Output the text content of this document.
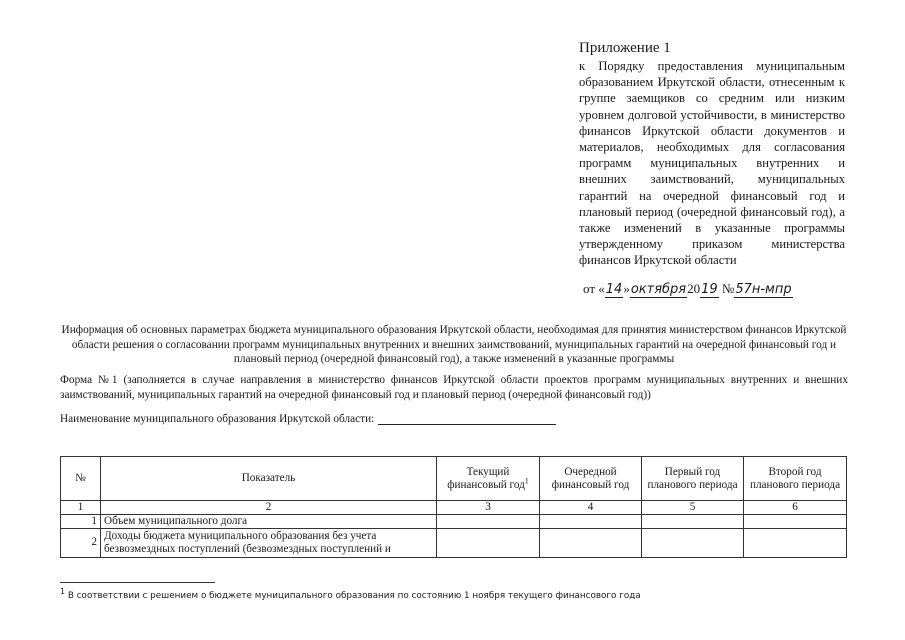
Приложение 1
к Порядку предоставления муниципальным образованием Иркутской области, отнесенным к группе заемщиков со средним или низким уровнем долговой устойчивости, в министерство финансов Иркутской области документов и материалов, необходимых для согласования программ муниципальных внутренних и внешних заимствований, муниципальных гарантий на очередной финансовый год и плановый период (очередной финансовый год), а также изменений в указанные программы утвержденному приказом министерства финансов Иркутской области
от «14»октября2019 №57н-мпр
Информация об основных параметрах бюджета муниципального образования Иркутской области, необходимая для принятия министерством финансов Иркутской области решения о согласовании программ муниципальных внутренних и внешних заимствований, муниципальных гарантий на очередной финансовый год и плановый период (очередной финансовый год), а также изменений в указанные программы
Форма №1 (заполняется в случае направления в министерство финансов Иркутской области проектов программ муниципальных внутренних и внешних заимствований, муниципальных гарантий на очередной финансовый год и плановый период (очередной финансовый год))
Наименование муниципального образования Иркутской области:
№	Показатель	Текущий финансовый год$^1$	Очередной финансовый год	Первый год планового периода	Второй год планового периода
1	2	3	4	5	6
1	Объем муниципального долга				
2	Доходы бюджета муниципального образования без учета безвозмездных поступлений (безвозмездных поступлений и				
$^1$ В соответствии с решением о бюджете муниципального образования по состоянию 1 ноября текущего финансового года
